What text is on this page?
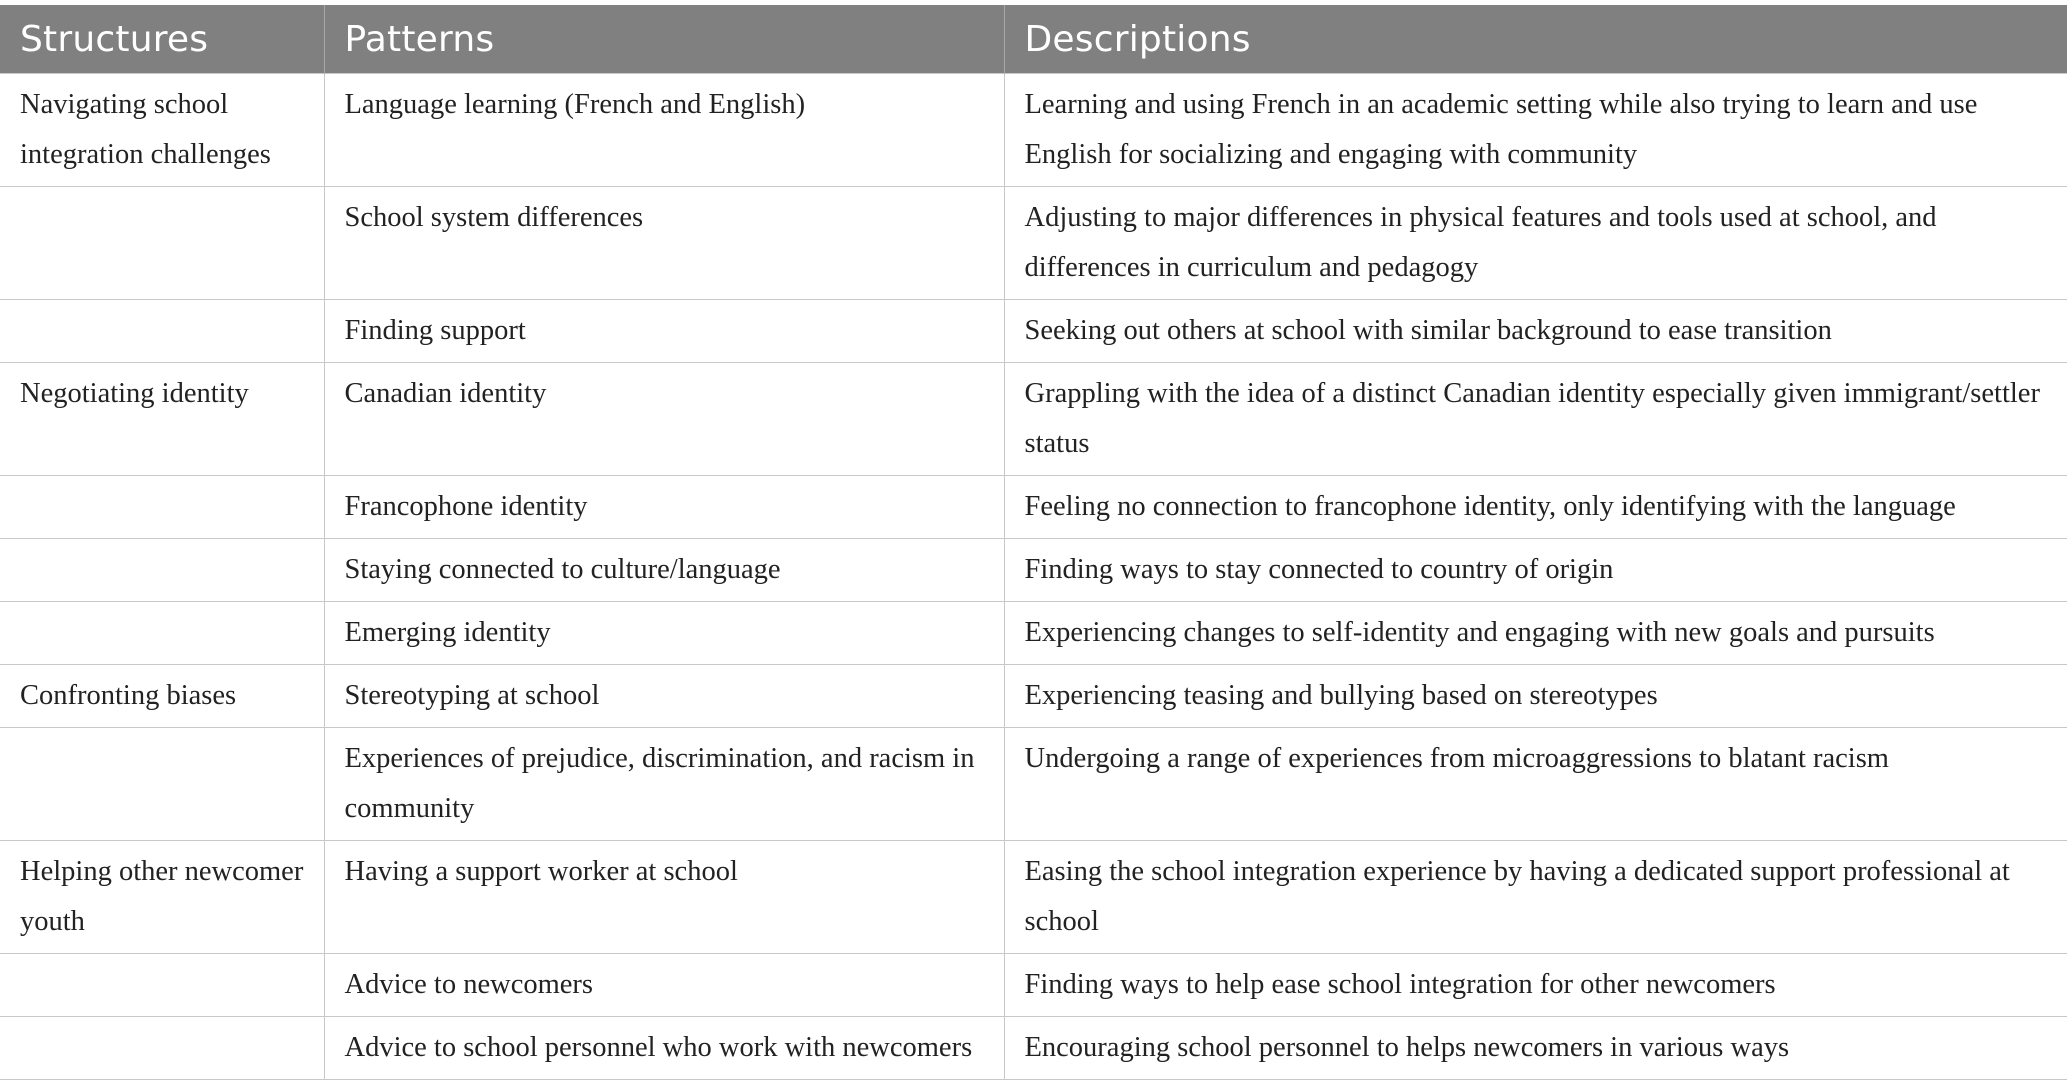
Structures	Patterns	Descriptions
Navigating school integration challenges	Language learning (French and English)	Learning and using French in an academic setting while also trying to learn and use English for socializing and engaging with community
	School system differences	Adjusting to major differences in physical features and tools used at school, and differences in curriculum and pedagogy
	Finding support	Seeking out others at school with similar background to ease transition
Negotiating identity	Canadian identity	Grappling with the idea of a distinct Canadian identity especially given immigrant/settler status
	Francophone identity	Feeling no connection to francophone identity, only identifying with the language
	Staying connected to culture/language	Finding ways to stay connected to country of origin
	Emerging identity	Experiencing changes to self-identity and engaging with new goals and pursuits
Confronting biases	Stereotyping at school	Experiencing teasing and bullying based on stereotypes
	Experiences of prejudice, discrimination, and racism in community	Undergoing a range of experiences from microaggressions to blatant racism
Helping other newcomer youth	Having a support worker at school	Easing the school integration experience by having a dedicated support professional at school
	Advice to newcomers	Finding ways to help ease school integration for other newcomers
	Advice to school personnel who work with newcomers	Encouraging school personnel to helps newcomers in various ways
